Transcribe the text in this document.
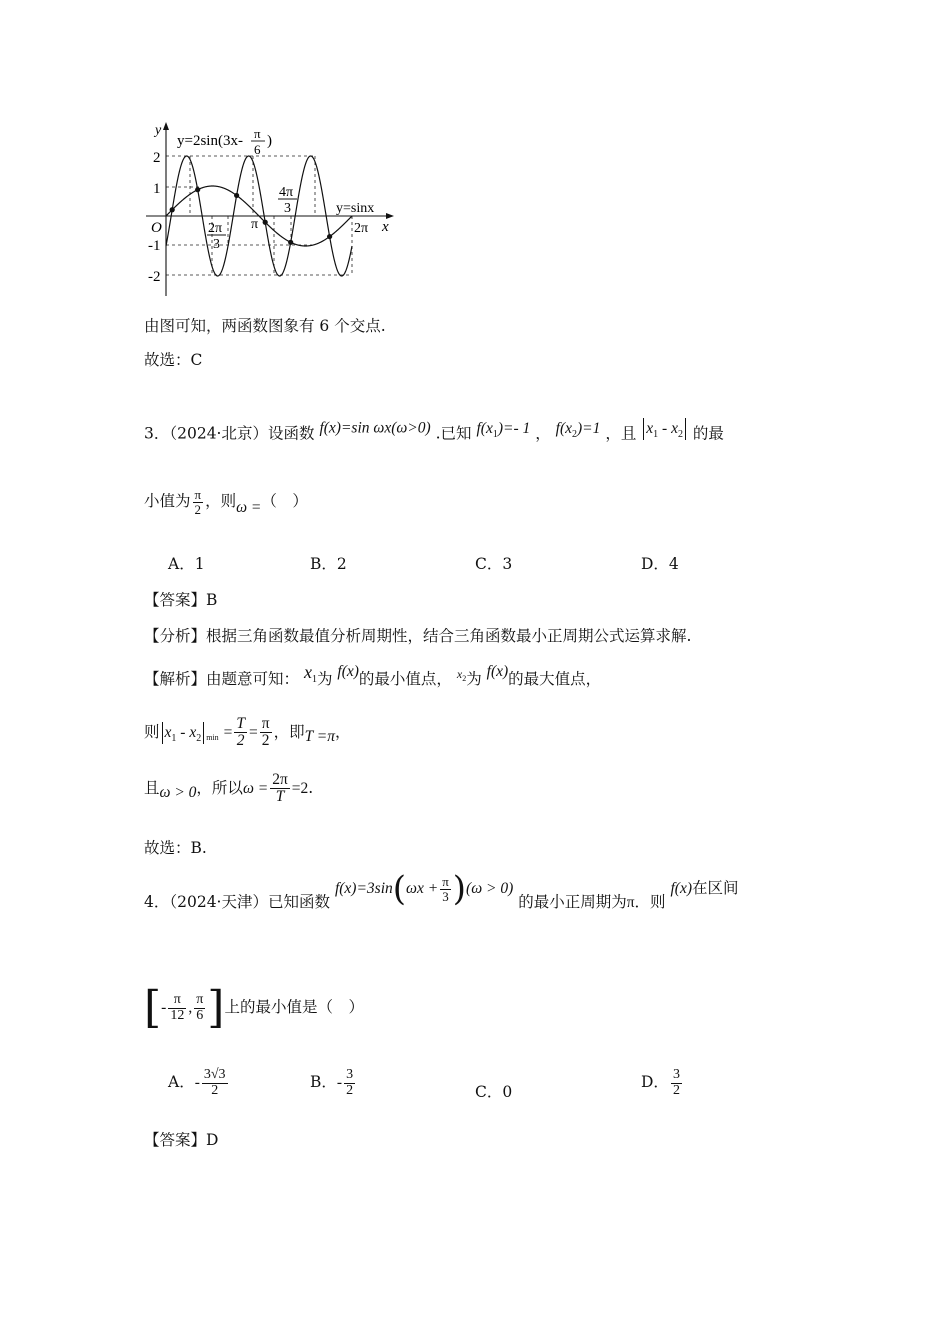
y
O	x
2
1
-1
-2
y=2sin(3x- π
6
)
2π
3
π
4π
3
2π
y=sinx
由图可知，两函数图象有 6 个交点.
故选：C
3．（2024·北京）设函数 f(x)=sin ωx(ω>0) .已知 $f(x_1)=-$ 1 ， $f(x_2)=1$ ，且 $x_1 - x_2$ 的最
小值为 $\frac{\pi}{2}$ ，则ω =（　）
A．1	B．2	C．3	D．4
【答案】B
【分析】根据三角函数最值分析周期性，结合三角函数最小正周期公式运算求解.
【解析】由题意可知： $x_1$为 f(x)的最小值点， $^{x_2}$为 f(x)的最大值点，
则 $x_1 - x_2$ $\min = \frac{T}{2} = \frac{\pi}{2}$ ，即T =π，
且ω > 0，所以$\omega = \frac{2\pi}{T} =2$.
故选：B.
4．（2024·天津）已知函数 $f(x)=3\sin(\omega x + \frac{\pi}{3} )(\omega > 0)$ 的最小正周期为π．则 f(x)在区间
[- $\frac{\pi}{12}$ , $\frac{\pi}{6}$ ]上的最小值是（　）
A．- $\frac{3√3}{2}$	B．- $\frac{3}{2}$	C．0
D． $\frac{3}{2}$
【答案】D
